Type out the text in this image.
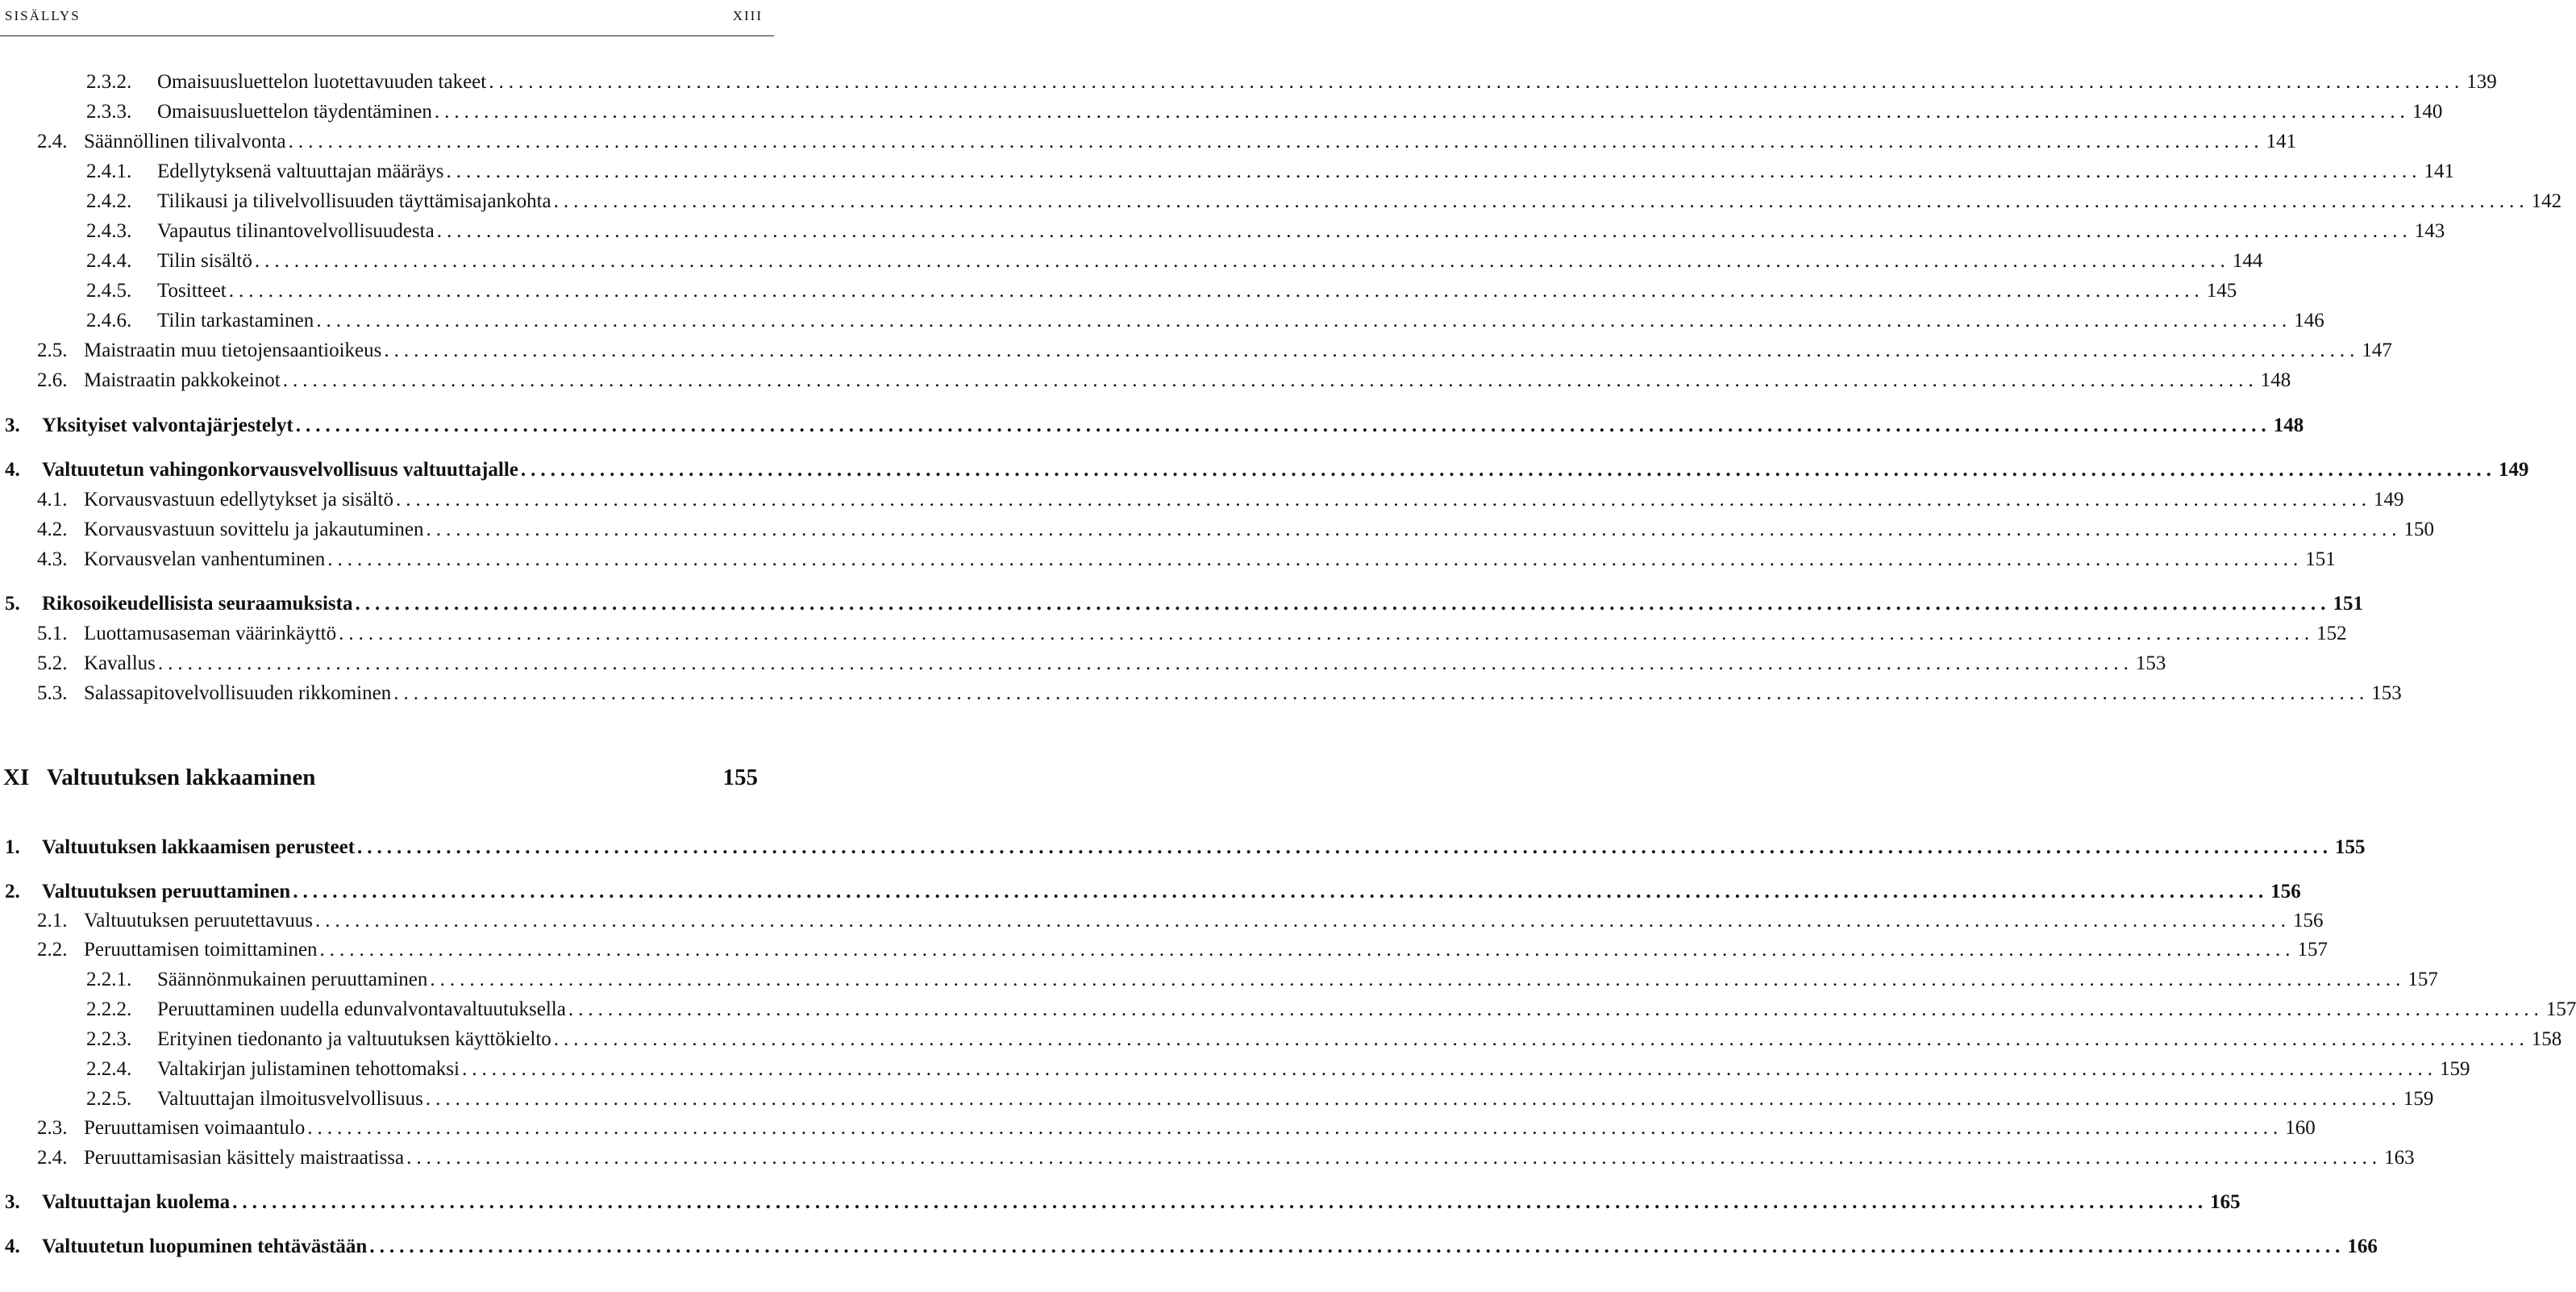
SISÄLLYS	XIII
2.3.2.	Omaisuusluettelon luotettavuuden takeet ........................................................................................................................................................................................................ 139
2.3.3.	Omaisuusluettelon täydentäminen ........................................................................................................................................................................................................ 140
2.4. Säännöllinen tilivalvonta ........................................................................................................................................................................................................ 141
2.4.1.	Edellytyksenä valtuuttajan määräys ........................................................................................................................................................................................................ 141
2.4.2.	Tilikausi ja tilivelvollisuuden täyttämisajankohta ........................................................................................................................................................................................................ 142
2.4.3.	Vapautus tilinantovelvollisuudesta ........................................................................................................................................................................................................ 143
2.4.4.	Tilin sisältö ........................................................................................................................................................................................................ 144
2.4.5.	Tositteet ........................................................................................................................................................................................................ 145
2.4.6.	Tilin tarkastaminen ........................................................................................................................................................................................................ 146
2.5. Maistraatin muu tietojensaantioikeus ........................................................................................................................................................................................................ 147
2.6. Maistraatin pakkokeinot ........................................................................................................................................................................................................ 148
3.	Yksityiset valvontajärjestelyt ........................................................................................................................................................................................................ 148
4.	Valtuutetun vahingonkorvausvelvollisuus valtuuttajalle ........................................................................................................................................................................................................ 149
4.1. Korvausvastuun edellytykset ja sisältö ........................................................................................................................................................................................................ 149
4.2. Korvausvastuun sovittelu ja jakautuminen ........................................................................................................................................................................................................ 150
4.3. Korvausvelan vanhentuminen ........................................................................................................................................................................................................ 151
5.	Rikosoikeudellisista seuraamuksista ........................................................................................................................................................................................................ 151
5.1. Luottamusaseman väärinkäyttö ........................................................................................................................................................................................................ 152
5.2. Kavallus ........................................................................................................................................................................................................ 153
5.3. Salassapitovelvollisuuden rikkominen ........................................................................................................................................................................................................ 153
XI Valtuutuksen lakkaaminen	155
1.	Valtuutuksen lakkaamisen perusteet ........................................................................................................................................................................................................ 155
2.	Valtuutuksen peruuttaminen ........................................................................................................................................................................................................ 156
2.1. Valtuutuksen peruutettavuus ........................................................................................................................................................................................................ 156
2.2. Peruuttamisen toimittaminen ........................................................................................................................................................................................................ 157
2.2.1.	Säännönmukainen peruuttaminen ........................................................................................................................................................................................................ 157
2.2.2.	Peruuttaminen uudella edunvalvontavaltuutuksella ........................................................................................................................................................................................................ 157
2.2.3.	Erityinen tiedonanto ja valtuutuksen käyttökielto ........................................................................................................................................................................................................ 158
2.2.4.	Valtakirjan julistaminen tehottomaksi ........................................................................................................................................................................................................ 159
2.2.5.	Valtuuttajan ilmoitusvelvollisuus ........................................................................................................................................................................................................ 159
2.3. Peruuttamisen voimaantulo ........................................................................................................................................................................................................ 160
2.4. Peruuttamisasian käsittely maistraatissa ........................................................................................................................................................................................................ 163
3.	Valtuuttajan kuolema ........................................................................................................................................................................................................ 165
4.	Valtuutetun luopuminen tehtävästään ........................................................................................................................................................................................................ 166
